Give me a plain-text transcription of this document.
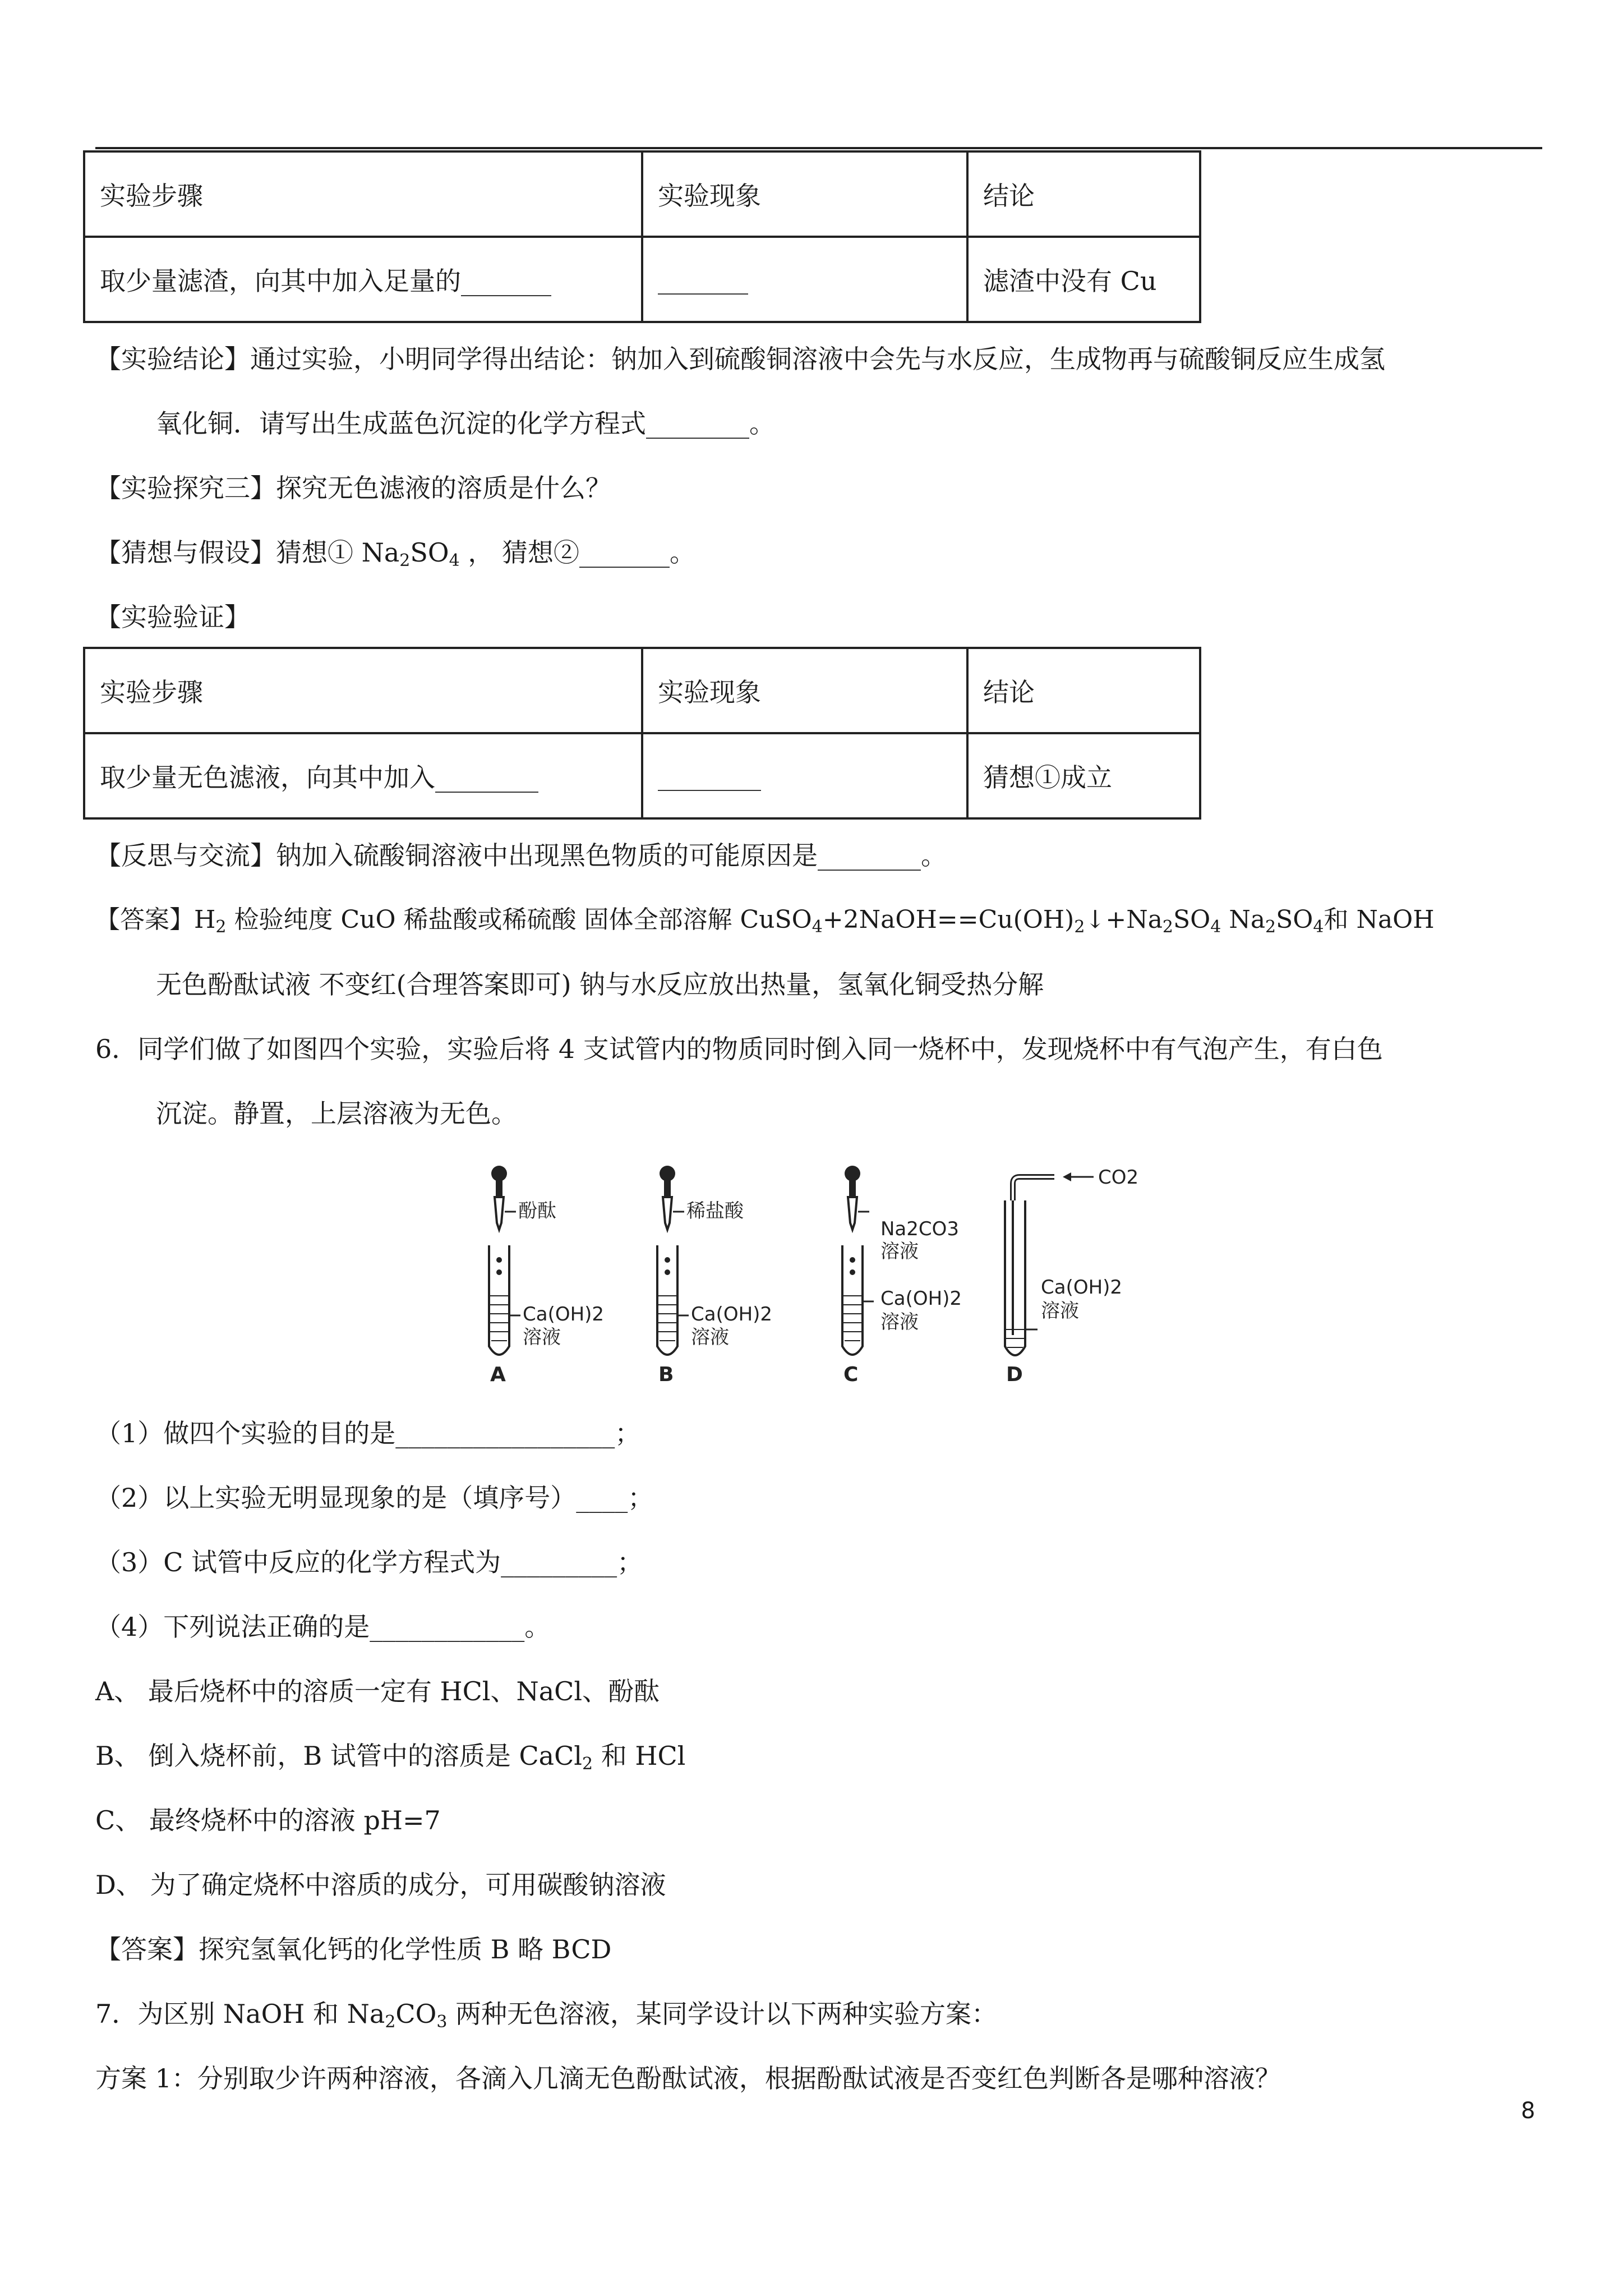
实验步骤	实验现象	结论
取少量滤渣，向其中加入足量的_______	_______	滤渣中没有 Cu
【实验结论】通过实验，小明同学得出结论：钠加入到硫酸铜溶液中会先与水反应，生成物再与硫酸铜反应生成氢
氧化铜．请写出生成蓝色沉淀的化学方程式________。
【实验探究三】探究无色滤液的溶质是什么？
【猜想与假设】猜想① $Na_2SO_4$ ， 猜想②_______。
【实验验证】
实验步骤	实验现象	结论
取少量无色滤液，向其中加入________	________	猜想①成立
【反思与交流】钠加入硫酸铜溶液中出现黑色物质的可能原因是________。
【答案】$H_2$ 检验纯度 CuO 稀盐酸或稀硫酸 固体全部溶解 $CuSO_4+2NaOH==Cu(OH)_2↓+Na_2SO_4$ $Na_2SO_4$和 NaOH
无色酚酞试液 不变红(合理答案即可) 钠与水反应放出热量，氢氧化铜受热分解
6．同学们做了如图四个实验，实验后将 4 支试管内的物质同时倒入同一烧杯中，发现烧杯中有气泡产生，有白色
沉淀。静置，上层溶液为无色。
酚酞
Ca(OH)2
溶液
A
稀盐酸
Ca(OH)2
溶液
B
Na2CO3
溶液
Ca(OH)2
溶液
C
CO2
Ca(OH)2
溶液
D
（1）做四个实验的目的是_________________；
（2）以上实验无明显现象的是（填序号）____；
（3）C 试管中反应的化学方程式为_________；
（4）下列说法正确的是____________。
A、 最后烧杯中的溶质一定有 HCl、NaCl、酚酞
B、 倒入烧杯前，B 试管中的溶质是 CaCl$_2$ 和 HCl
C、 最终烧杯中的溶液 pH=7
D、 为了确定烧杯中溶质的成分，可用碳酸钠溶液
【答案】探究氢氧化钙的化学性质 B 略 BCD
7．为区别 NaOH 和 $Na_2CO_3$ 两种无色溶液，某同学设计以下两种实验方案：
方案 1：分别取少许两种溶液，各滴入几滴无色酚酞试液，根据酚酞试液是否变红色判断各是哪种溶液？
8
